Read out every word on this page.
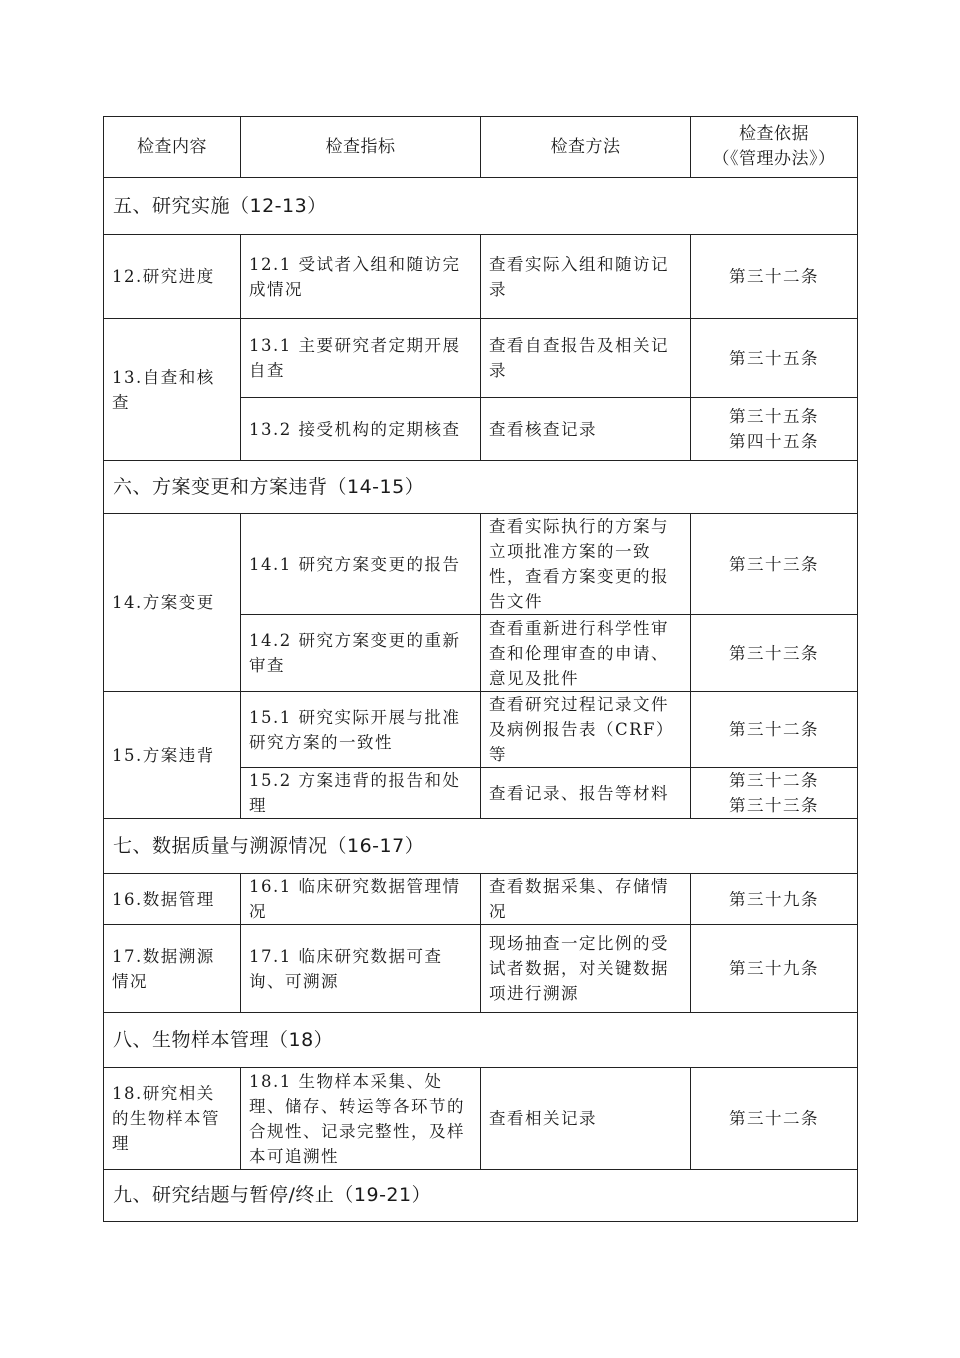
检查内容	检查指标	检查方法	检查依据
（《管理办法》）

五、研究实施（12-13）			
12.研究进度	12.1 受试者入组和随访完成情况	查看实际入组和随访记录	第三十二条

13.自查和核查	13.1 主要研究者定期开展自查	查看自查报告及相关记录	第三十五条

	13.2 接受机构的定期核查	查看核查记录	第三十五条
第四十五条

六、方案变更和方案违背（14-15）			
14.方案变更	14.1 研究方案变更的报告	查看实际执行的方案与立项批准方案的一致性，查看方案变更的报告文件	第三十三条

	14.2 研究方案变更的重新审查	查看重新进行科学性审查和伦理审查的申请、意见及批件	第三十三条

15.方案违背	15.1 研究实际开展与批准研究方案的一致性	查看研究过程记录文件及病例报告表（CRF）等	第三十二条

	15.2 方案违背的报告和处理	查看记录、报告等材料	第三十二条
第三十三条

七、数据质量与溯源情况（16-17）			
16.数据管理	16.1 临床研究数据管理情况	查看数据采集、存储情况	第三十九条

17.数据溯源情况	17.1 临床研究数据可查询、可溯源	现场抽查一定比例的受试者数据，对关键数据项进行溯源	第三十九条

八、生物样本管理（18）			
18.研究相关的生物样本管理	18.1 生物样本采集、处理、储存、转运等各环节的合规性、记录完整性，及样本可追溯性	查看相关记录	第三十二条

九、研究结题与暂停/终止（19-21）			
